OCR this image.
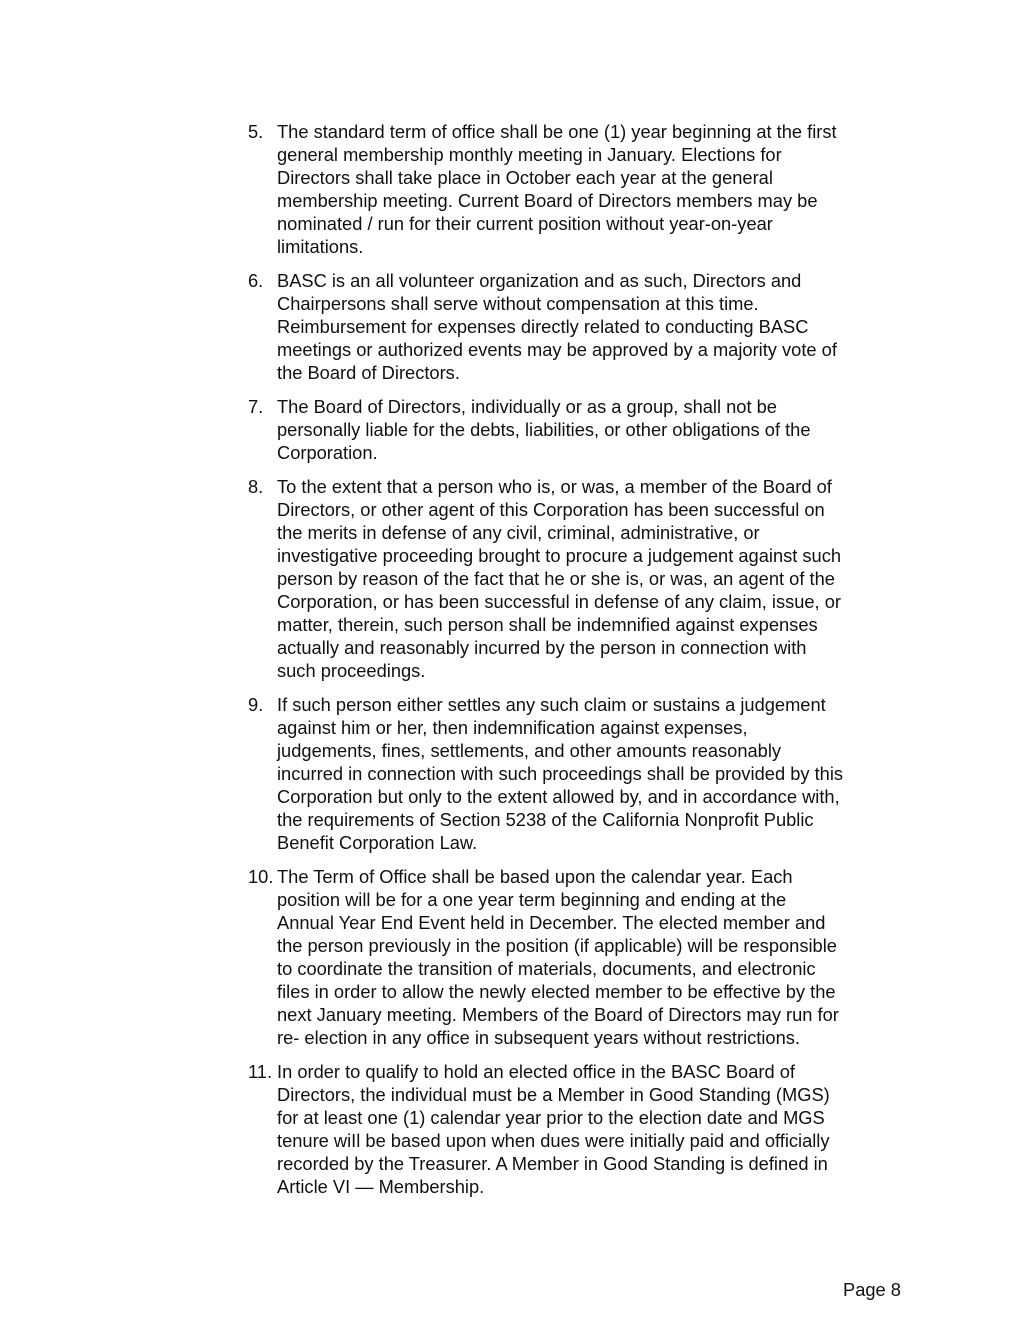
5. The standard term of office shall be one (1) year beginning at the first
general membership monthly meeting in January. Elections for
Directors shall take place in October each year at the general
membership meeting. Current Board of Directors members may be
nominated / run for their current position without year-on-year
limitations.
6. BASC is an all volunteer organization and as such, Directors and
Chairpersons shall serve without compensation at this time.
Reimbursement for expenses directly related to conducting BASC
meetings or authorized events may be approved by a majority vote of
the Board of Directors.
7. The Board of Directors, individually or as a group, shall not be
personally liable for the debts, liabilities, or other obligations of the
Corporation.
8. To the extent that a person who is, or was, a member of the Board of
Directors, or other agent of this Corporation has been successful on
the merits in defense of any civil, criminal, administrative, or
investigative proceeding brought to procure a judgement against such
person by reason of the fact that he or she is, or was, an agent of the
Corporation, or has been successful in defense of any claim, issue, or
matter, therein, such person shall be indemnified against expenses
actually and reasonably incurred by the person in connection with
such proceedings.
9. If such person either settles any such claim or sustains a judgement
against him or her, then indemnification against expenses,
judgements, fines, settlements, and other amounts reasonably
incurred in connection with such proceedings shall be provided by this
Corporation but only to the extent allowed by, and in accordance with,
the requirements of Section 5238 of the California Nonprofit Public
Benefit Corporation Law.
10. The Term of Office shall be based upon the calendar year. Each
position will be for a one year term beginning and ending at the
Annual Year End Event held in December. The elected member and
the person previously in the position (if applicable) will be responsible
to coordinate the transition of materials, documents, and electronic
files in order to allow the newly elected member to be effective by the
next January meeting. Members of the Board of Directors may run for
re- election in any office in subsequent years without restrictions.
11. In order to qualify to hold an elected office in the BASC Board of
Directors, the individual must be a Member in Good Standing (MGS)
for at least one (1) calendar year prior to the election date and MGS
tenure wiIl be based upon when dues were initially paid and officially
recorded by the Treasurer. A Member in Good Standing is defined in
Article VI — Membership.
Page 8
